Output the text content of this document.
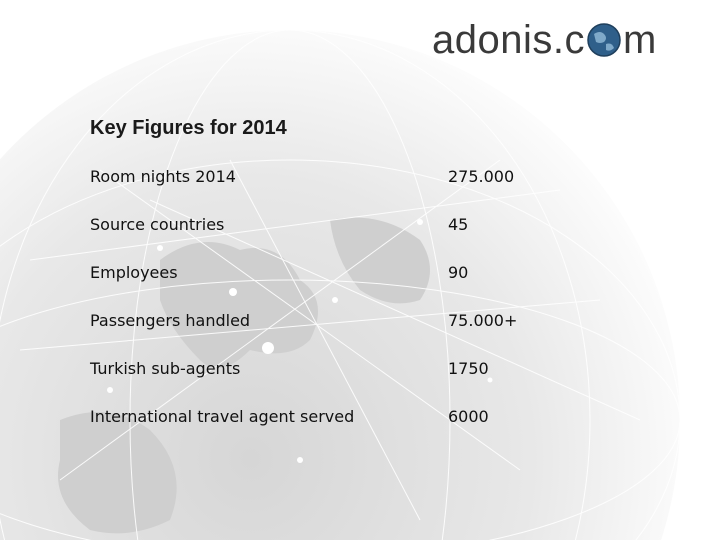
adonis.c m
Key Figures for 2014
Room nights 2014	275.000
Source countries	45
Employees	90
Passengers handled	75.000+
Turkish sub-agents	1750
International travel agent served	6000
